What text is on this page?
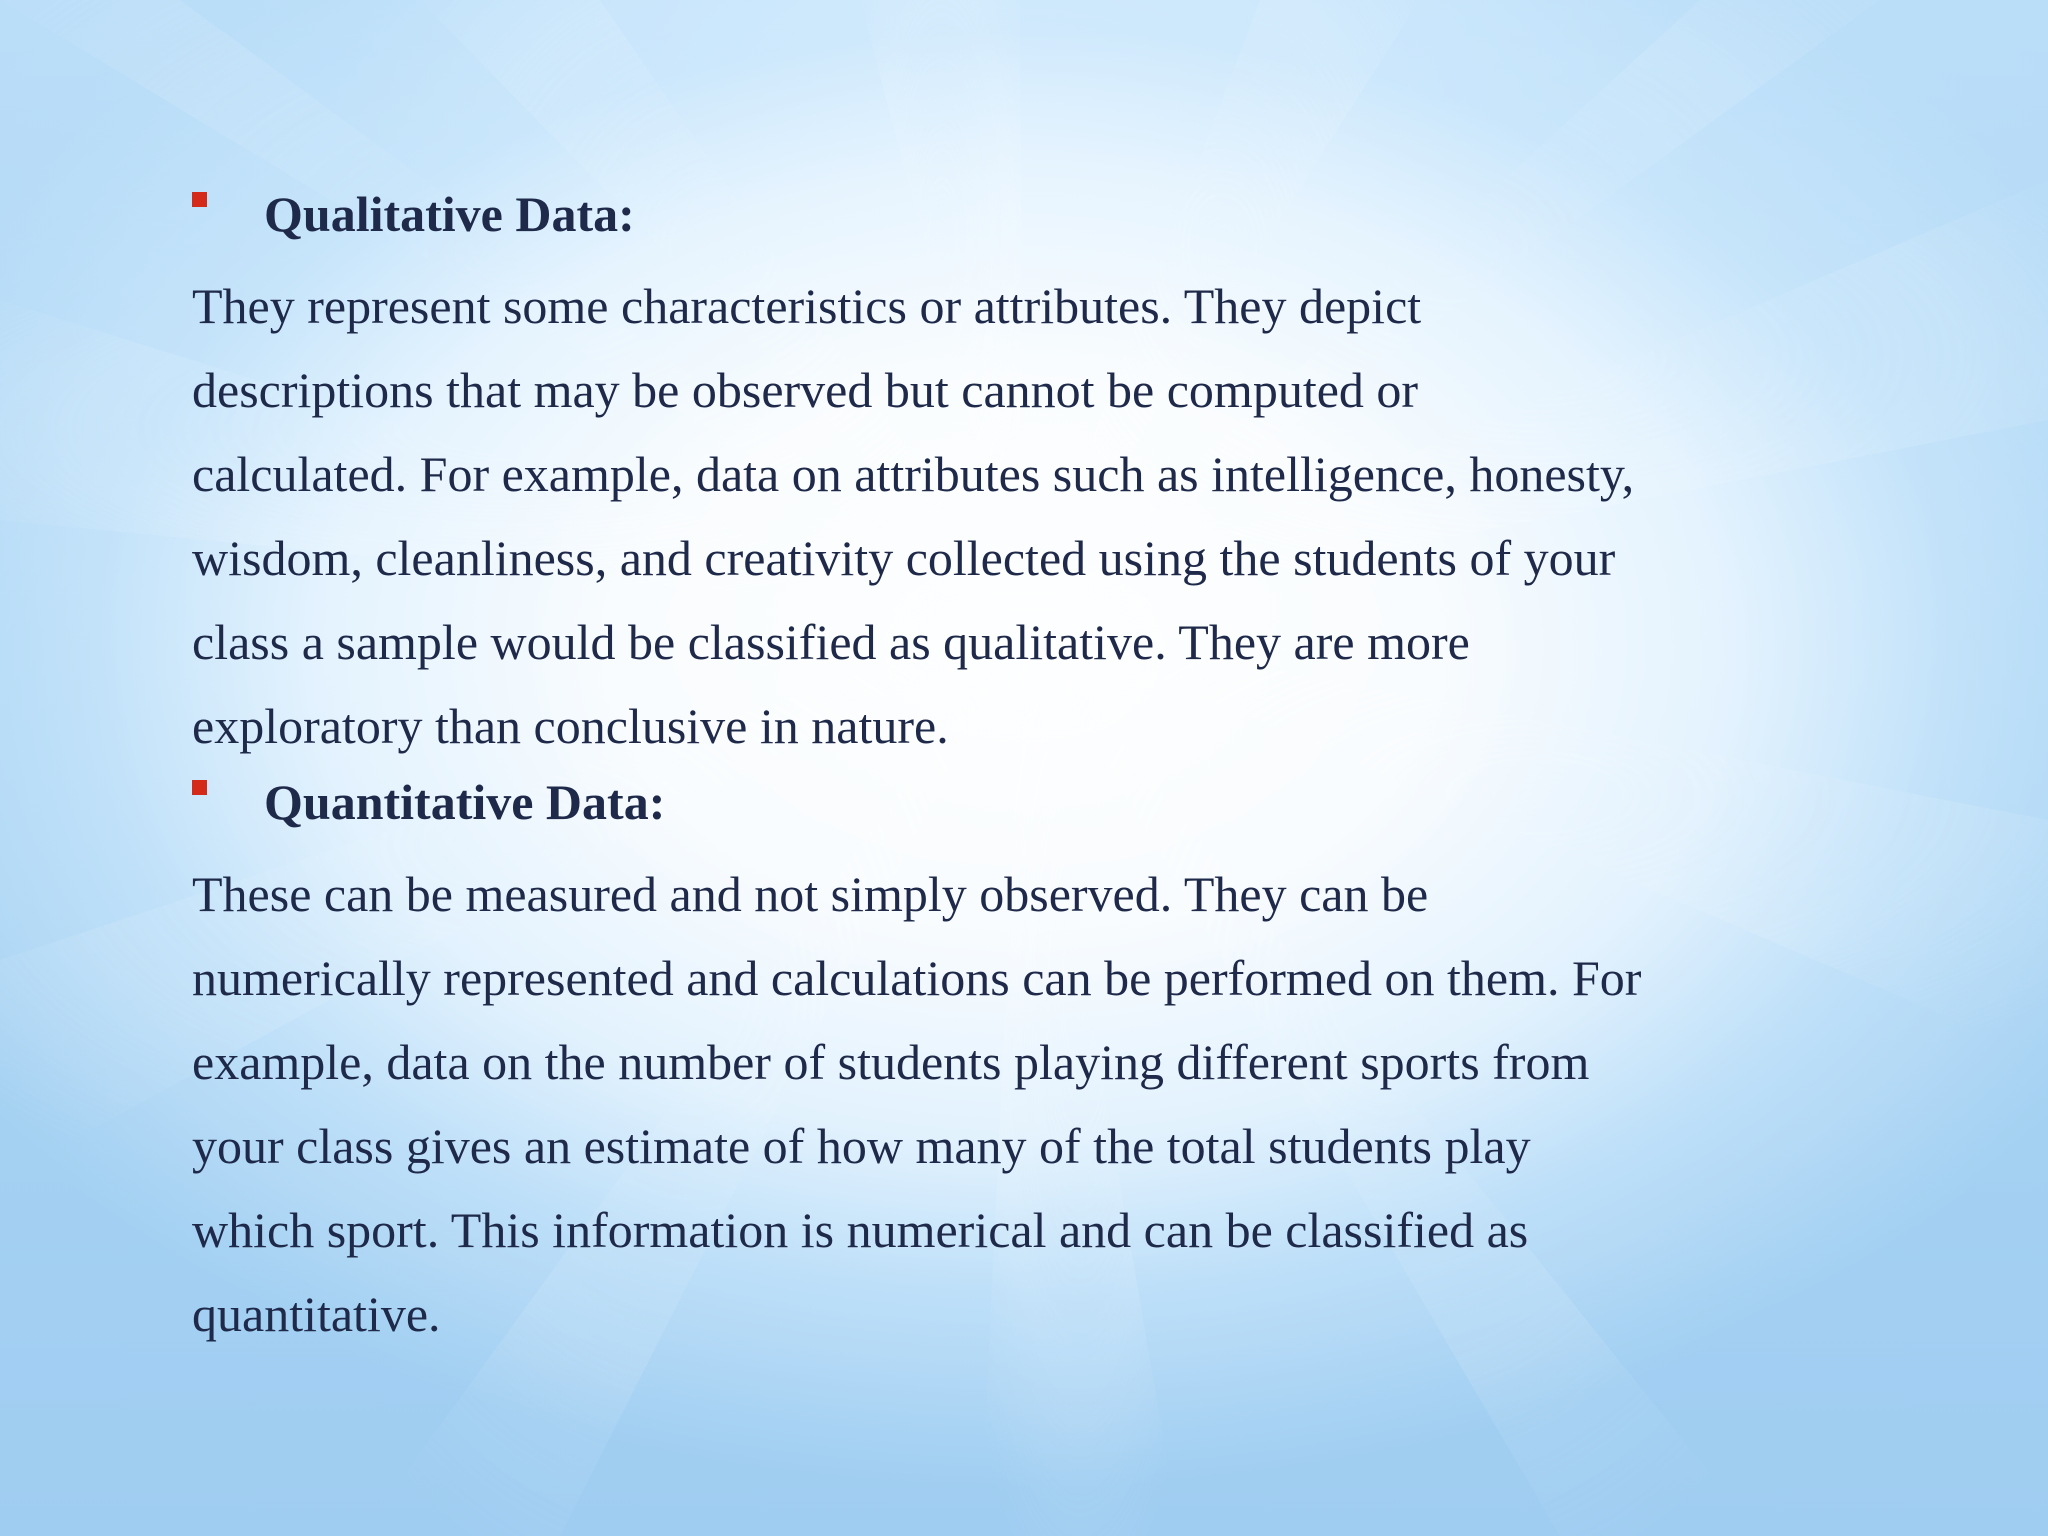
Qualitative Data:
They represent some characteristics or attributes. They depict
descriptions that may be observed but cannot be computed or
calculated. For example, data on attributes such as intelligence, honesty,
wisdom, cleanliness, and creativity collected using the students of your
class a sample would be classified as qualitative. They are more
exploratory than conclusive in nature.
Quantitative Data:
These can be measured and not simply observed. They can be
numerically represented and calculations can be performed on them. For
example, data on the number of students playing different sports from
your class gives an estimate of how many of the total students play
which sport. This information is numerical and can be classified as
quantitative.
